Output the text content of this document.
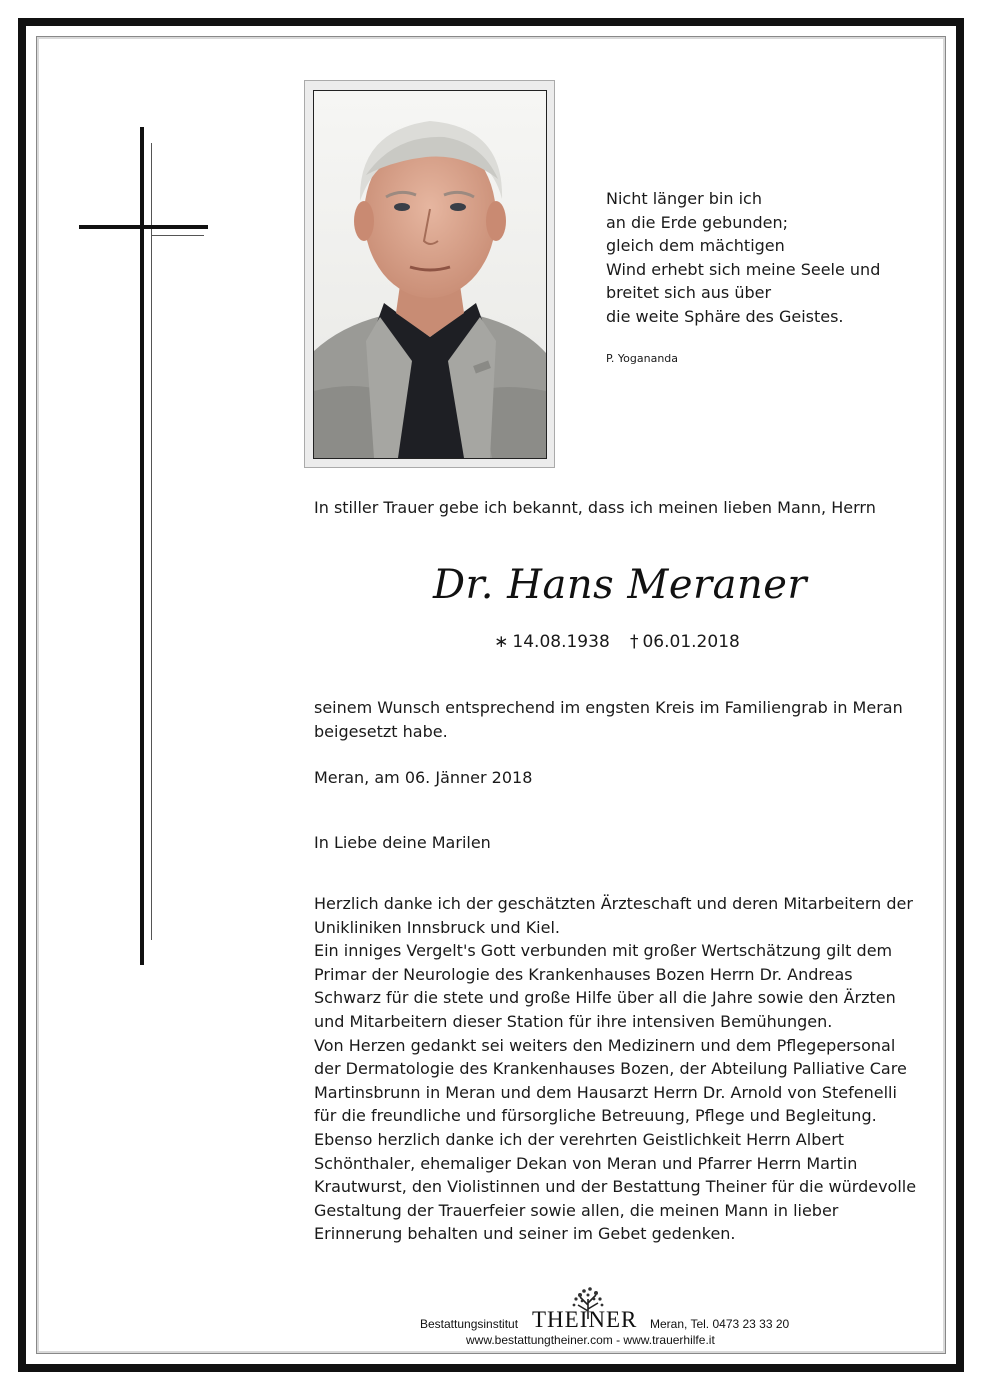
Nicht länger bin ich
an die Erde gebunden;
gleich dem mächtigen
Wind erhebt sich meine Seele und
breitet sich aus über
die weite Sphäre des Geistes.
P. Yogananda
In stiller Trauer gebe ich bekannt, dass ich meinen lieben Mann, Herrn
Dr. Hans Meraner
∗ 14.08.1938 † 06.01.2018
seinem Wunsch entsprechend im engsten Kreis im Familiengrab in Meran
beigesetzt habe.
Meran, am 06. Jänner 2018
In Liebe deine Marilen
Herzlich danke ich der geschätzten Ärzteschaft und deren Mitarbeitern der
Unikliniken Innsbruck und Kiel.
Ein inniges Vergelt's Gott verbunden mit großer Wertschätzung gilt dem
Primar der Neurologie des Krankenhauses Bozen Herrn Dr. Andreas
Schwarz für die stete und große Hilfe über all die Jahre sowie den Ärzten
und Mitarbeitern dieser Station für ihre intensiven Bemühungen.
Von Herzen gedankt sei weiters den Medizinern und dem Pflegepersonal
der Dermatologie des Krankenhauses Bozen, der Abteilung Palliative Care
Martinsbrunn in Meran und dem Hausarzt Herrn Dr. Arnold von Stefenelli
für die freundliche und fürsorgliche Betreuung, Pflege und Begleitung.
Ebenso herzlich danke ich der verehrten Geistlichkeit Herrn Albert
Schönthaler, ehemaliger Dekan von Meran und Pfarrer Herrn Martin
Krautwurst, den Violistinnen und der Bestattung Theiner für die würdevolle
Gestaltung der Trauerfeier sowie allen, die meinen Mann in lieber
Erinnerung behalten und seiner im Gebet gedenken.
Bestattungsinstitut THEINER Meran, Tel. 0473 23 33 20
www.bestattungtheiner.com - www.trauerhilfe.it
